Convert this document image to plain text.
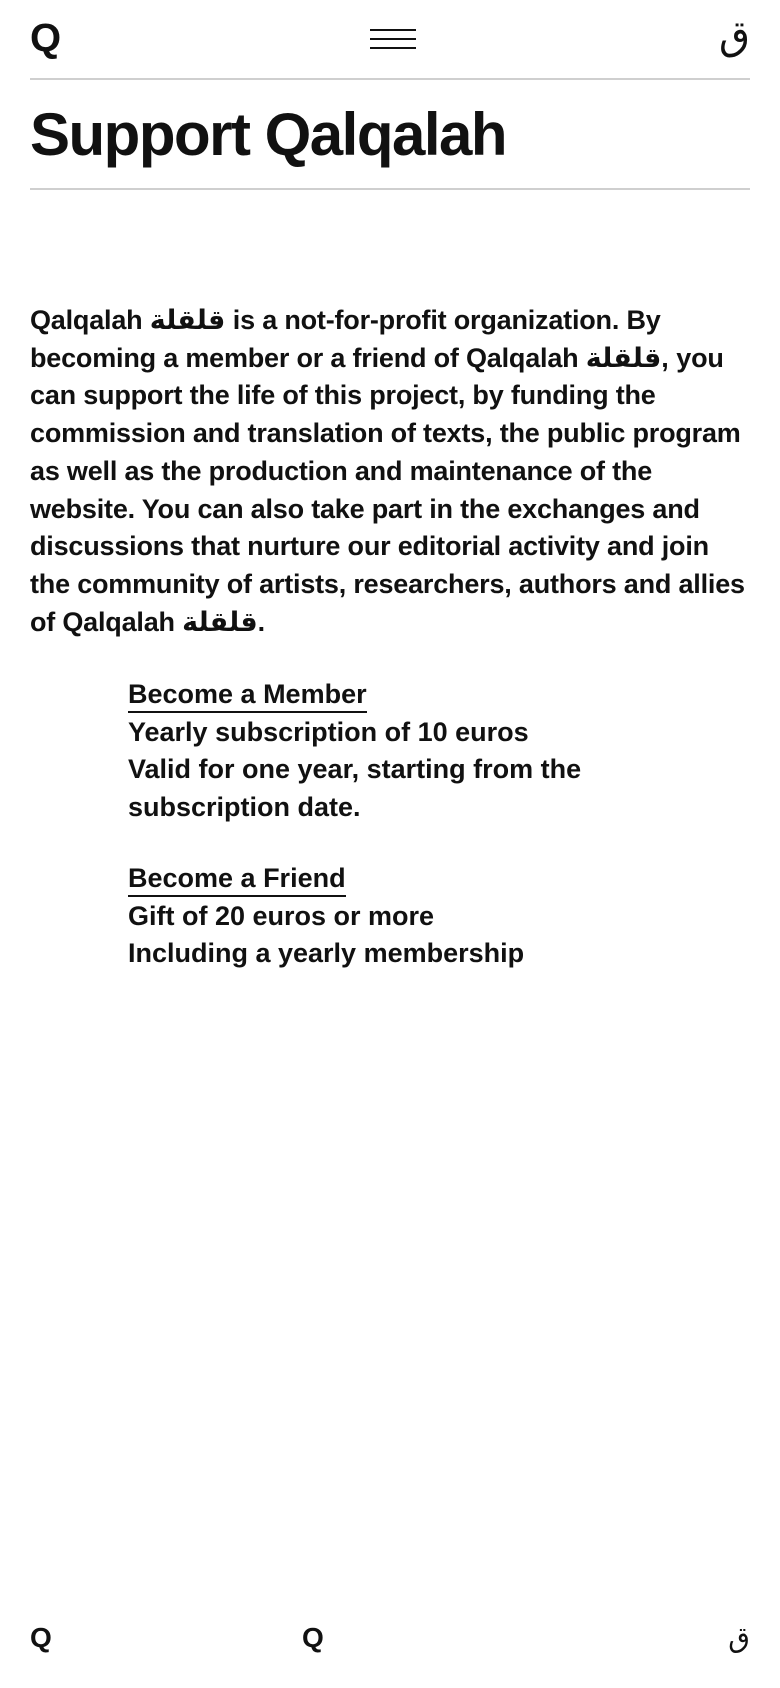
Q	ق
Support Qalqalah

Qalqalah قلقلة is a not-for-profit organization. By becoming a member or a friend of Qalqalah قلقلة, you can support the life of this project, by funding the commission and translation of texts, the public program as well as the production and maintenance of the website. You can also take part in the exchanges and discussions that nurture our editorial activity and join the community of artists, researchers, authors and allies of Qalqalah قلقلة.

Become a Member
Yearly subscription of 10 euros
Valid for one year, starting from the subscription date.
Become a Friend
Gift of 20 euros or more
Including a yearly membership
Q	Q	ق
